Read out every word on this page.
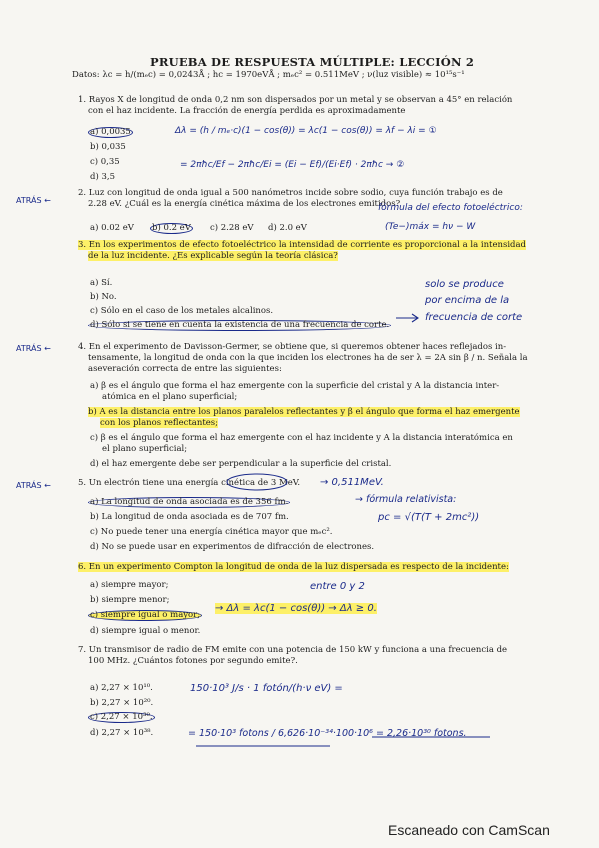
PRUEBA DE RESPUESTA MÚLTIPLE: LECCIÓN 2
Datos: λc = h/(mₑc) = 0,0243Å ; hc = 1970eVÅ ; mₑc² = 0.511MeV ; ν(luz visible) ≈ 10¹⁵s⁻¹
1. Rayos X de longitud de onda 0,2 nm son dispersados por un metal y se observan a 45° en relación
con el haz incidente. La fracción de energía perdida es aproximadamente
a) 0,0035
b) 0,035
c) 0,35
d) 3,5
Δλ = (h / mₑ·c)(1 − cos(θ)) = λc(1 − cos(θ)) = λf − λi = ①
= 2πħc/Ef − 2πħc/Ei = (Ei − Ef)/(Ei·Ef) · 2πħc → ②
ATRÁS ←
2. Luz con longitud de onda igual a 500 nanómetros incide sobre sodio, cuya función trabajo es de
2.28 eV. ¿Cuál es la energía cinética máxima de los electrones emitidos?
a) 0.02 eV b) 0.2 eV c) 2.28 eV d) 2.0 eV
fórmula del efecto fotoeléctrico:
(Te−)máx = hν − W
3. En los experimentos de efecto fotoeléctrico la intensidad de corriente es proporcional a la intensidad
de la luz incidente. ¿Es explicable según la teoría clásica?
a) Sí.
b) No.
c) Sólo en el caso de los metales alcalinos.
d) Sólo si se tiene en cuenta la existencia de una frecuencia de corte.
solo se produce
por encima de la
frecuencia de corte
ATRÁS ←	4. En el experimento de Davisson-Germer, se obtiene que, si queremos obtener haces reflejados in-
tensamente, la longitud de onda con la que inciden los electrones ha de ser λ = 2A sin β / n. Señala la
aseveración correcta de entre las siguientes:
a) β es el ángulo que forma el haz emergente con la superficie del cristal y A la distancia inter-
atómica en el plano superficial;
b) A es la distancia entre los planos paralelos reflectantes y β el ángulo que forma el haz emergente
con los planos reflectantes;
c) β es el ángulo que forma el haz emergente con el haz incidente y A la distancia interatómica en
el plano superficial;
d) el haz emergente debe ser perpendicular a la superficie del cristal.
ATRÁS ←	5. Un electrón tiene una energía cinética de 3 MeV.
a) La longitud de onda asociada es de 356 fm.
b) La longitud de onda asociada es de 707 fm.
c) No puede tener una energía cinética mayor que mₑc².
d) No se puede usar en experimentos de difracción de electrones.
→ 0,511MeV.
→ fórmula relativista:
pc = √(T(T + 2mc²))
6. En un experimento Compton la longitud de onda de la luz dispersada es respecto de la incidente:
a) siempre mayor;
b) siempre menor;
c) siempre igual o mayor;
d) siempre igual o menor.
entre 0 y 2
→ Δλ = λc(1 − cos(θ)) → Δλ ≥ 0.
7. Un transmisor de radio de FM emite con una potencia de 150 kW y funciona a una frecuencia de
100 MHz. ¿Cuántos fotones por segundo emite?.
a) 2,27 × 10¹⁰.
b) 2,27 × 10²⁰.
c) 2,27 × 10³⁰.
d) 2,27 × 10³⁸.
150·10³ J/s · 1 fotón/(h·ν eV) =
= 150·10³ fotons / 6,626·10⁻³⁴·100·10⁶ = 2,26·10³⁰ fotons.
Escaneado con CamScan
